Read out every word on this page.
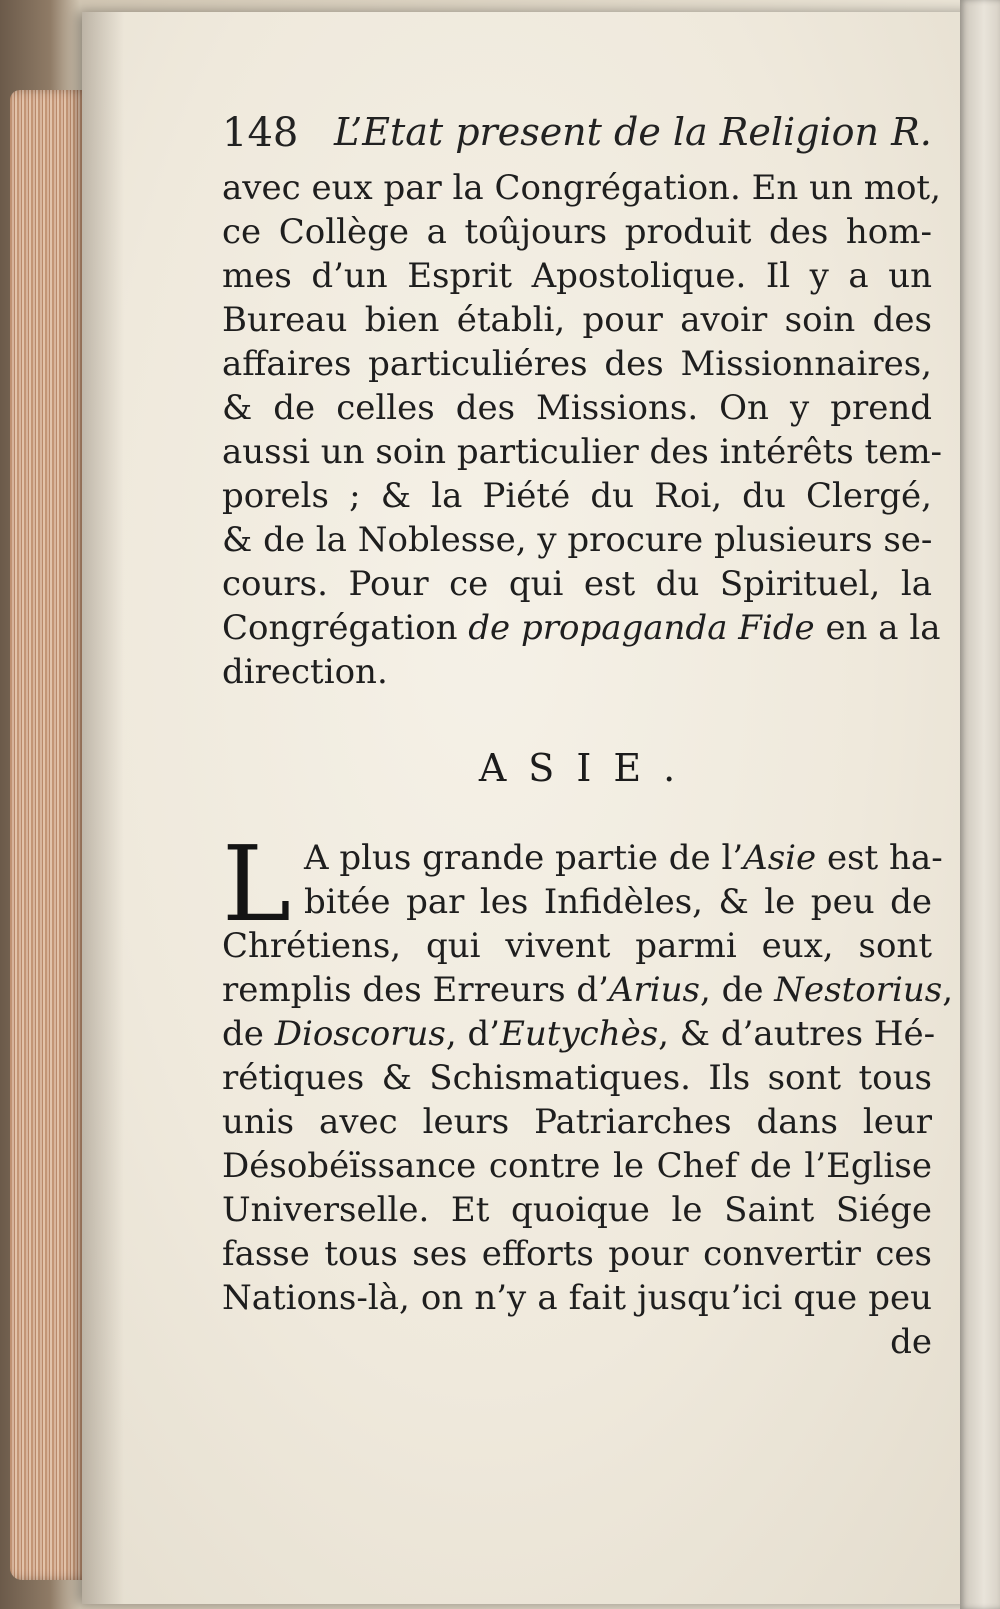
148 L’Etat present de la Religion R.
avec eux par la Congrégation. En un mot,
ce Collège a toûjours produit des hom-
mes d’un Esprit Apostolique. Il y a un
Bureau bien établi, pour avoir soin des
affaires particuliéres des Missionnaires,
& de celles des Missions. On y prend
aussi un soin particulier des intérêts tem-
porels ; & la Piété du Roi, du Clergé,
& de la Noblesse, y procure plusieurs se-
cours. Pour ce qui est du Spirituel, la
Congrégation de propaganda Fide en a la
direction.
ASIE.
L A plus grande partie de l’Asie est ha-
bitée par les Infidèles, & le peu de
Chrétiens, qui vivent parmi eux, sont
remplis des Erreurs d’Arius, de Nestorius,
de Dioscorus, d’Eutychès, & d’autres Hé-
rétiques & Schismatiques. Ils sont tous
unis avec leurs Patriarches dans leur
Désobéïssance contre le Chef de l’Eglise
Universelle. Et quoique le Saint Siége
fasse tous ses efforts pour convertir ces
Nations-là, on n’y a fait jusqu’ici que peu
de
